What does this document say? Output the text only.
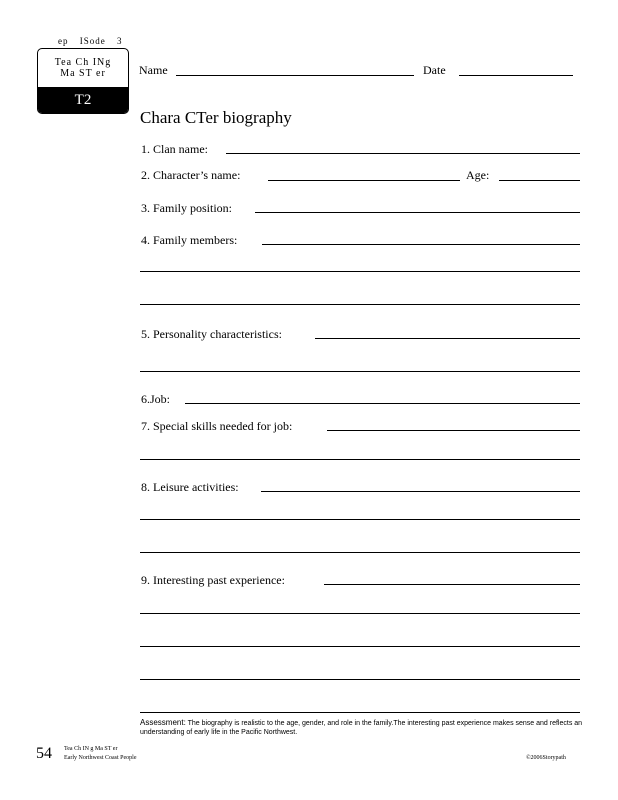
ep ISode 3
Tea Ch INg
Ma ST er
T2
Name	Date
Chara CTer biography
1. Clan name:
2. Character’s name:	Age:
3. Family position:
4. Family members:
5. Personality characteristics:
6.Job:
7. Special skills needed for job:
8. Leisure activities:
9. Interesting past experience:
Assessment: The biography is realistic to the age, gender, and role in the family.The interesting past experience makes sense and reflects an understanding of early life in the Pacific Northwest.
54 Tea Ch IN g Ma ST er
Early Northwest Coast People	©2006Storypath
